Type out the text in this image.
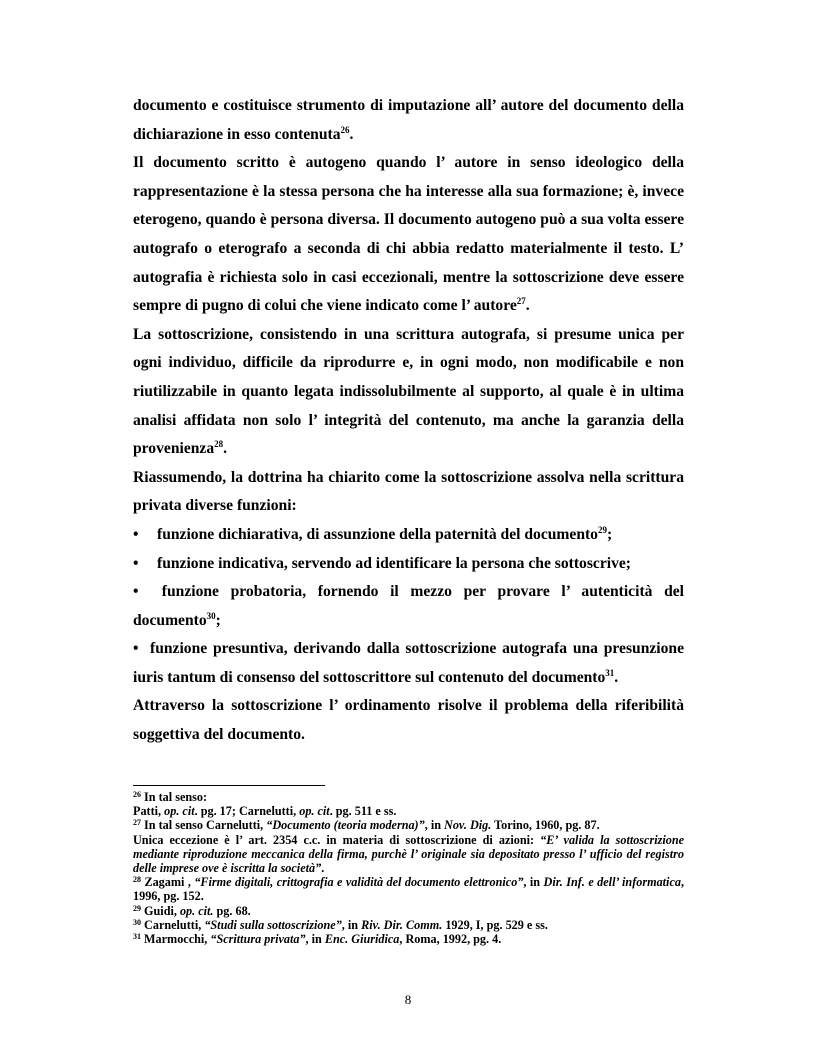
documento e costituisce strumento di imputazione all’ autore del documento della dichiarazione in esso contenuta$^{26}$.

Il documento scritto è autogeno quando l’ autore in senso ideologico della rappresentazione è la stessa persona che ha interesse alla sua formazione; è, invece eterogeno, quando è persona diversa. Il documento autogeno può a sua volta essere autografo o eterografo a seconda di chi abbia redatto materialmente il testo. L’ autografia è richiesta solo in casi eccezionali, mentre la sottoscrizione deve essere sempre di pugno di colui che viene indicato come l’ autore$^{27}$.

La sottoscrizione, consistendo in una scrittura autografa, si presume unica per ogni individuo, difficile da riprodurre e, in ogni modo, non modificabile e non riutilizzabile in quanto legata indissolubilmente al supporto, al quale è in ultima analisi affidata non solo l’ integrità del contenuto, ma anche la garanzia della provenienza$^{28}$.

Riassumendo, la dottrina ha chiarito come la sottoscrizione assolva nella scrittura privata diverse funzioni:

•	funzione dichiarativa, di assunzione della paternità del documento$^{29}$;
•	funzione indicativa, servendo ad identificare la persona che sottoscrive;

• funzione probatoria, fornendo il mezzo per provare l’ autenticità del documento$^{30}$;

• funzione presuntiva, derivando dalla sottoscrizione autografa una presunzione iuris tantum di consenso del sottoscrittore sul contenuto del documento$^{31}$.

Attraverso la sottoscrizione l’ ordinamento risolve il problema della riferibilità soggettiva del documento.

$^{26}$ In tal senso:

Patti, op. cit. pg. 17; Carnelutti, op. cit. pg. 511 e ss.

$^{27}$ In tal senso Carnelutti, “Documento (teoria moderna)”, in Nov. Dig. Torino, 1960, pg. 87.

Unica eccezione è l’ art. 2354 c.c. in materia di sottoscrizione di azioni: “E’ valida la sottoscrizione mediante riproduzione meccanica della firma, purchè l’ originale sia depositato presso l’ ufficio del registro delle imprese ove è iscritta la società”.

$^{28}$ Zagami , “Firme digitali, crittografia e validità del documento elettronico”, in Dir. Inf. e dell’ informatica, 1996, pg. 152.

$^{29}$ Guidi, op. cit. pg. 68.

$^{30}$ Carnelutti, “Studi sulla sottoscrizione”, in Riv. Dir. Comm. 1929, I, pg. 529 e ss.

$^{31}$ Marmocchi, “Scrittura privata”, in Enc. Giuridica, Roma, 1992, pg. 4.

8
